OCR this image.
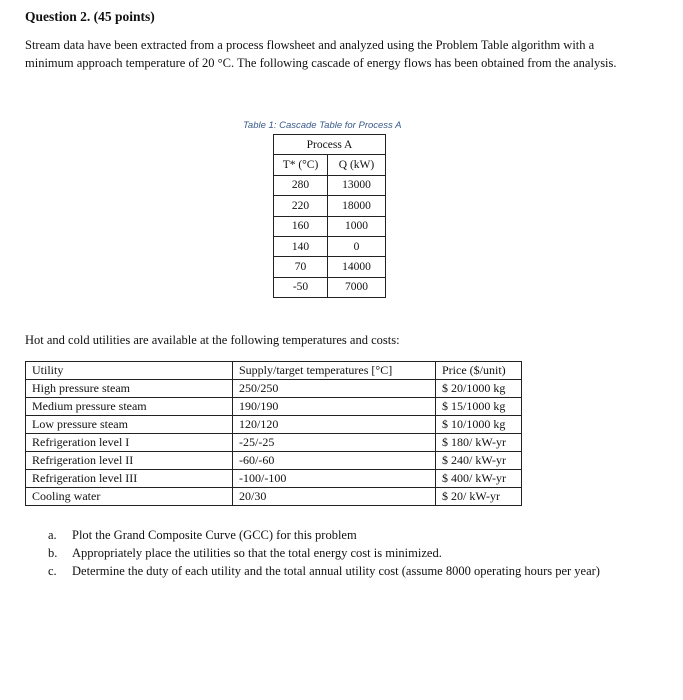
Question 2. (45 points)
Stream data have been extracted from a process flowsheet and analyzed using the Problem Table algorithm with a minimum approach temperature of 20 °C. The following cascade of energy flows has been obtained from the analysis.
Table 1: Cascade Table for Process A
Process A	
T* (°C)	Q (kW)
280	13000
220	18000
160	1000
140	0
70	14000
-50	7000
Hot and cold utilities are available at the following temperatures and costs:
Utility	Supply/target temperatures [°C]	Price ($/unit)
High pressure steam	250/250	$ 20/1000 kg
Medium pressure steam	190/190	$ 15/1000 kg
Low pressure steam	120/120	$ 10/1000 kg
Refrigeration level I	-25/-25	$ 180/ kW-yr
Refrigeration level II	-60/-60	$ 240/ kW-yr
Refrigeration level III	-100/-100	$ 400/ kW-yr
Cooling water	20/30	$ 20/ kW-yr
a.	Plot the Grand Composite Curve (GCC) for this problem
b.	Appropriately place the utilities so that the total energy cost is minimized.
c.	Determine the duty of each utility and the total annual utility cost (assume 8000 operating hours per year)
